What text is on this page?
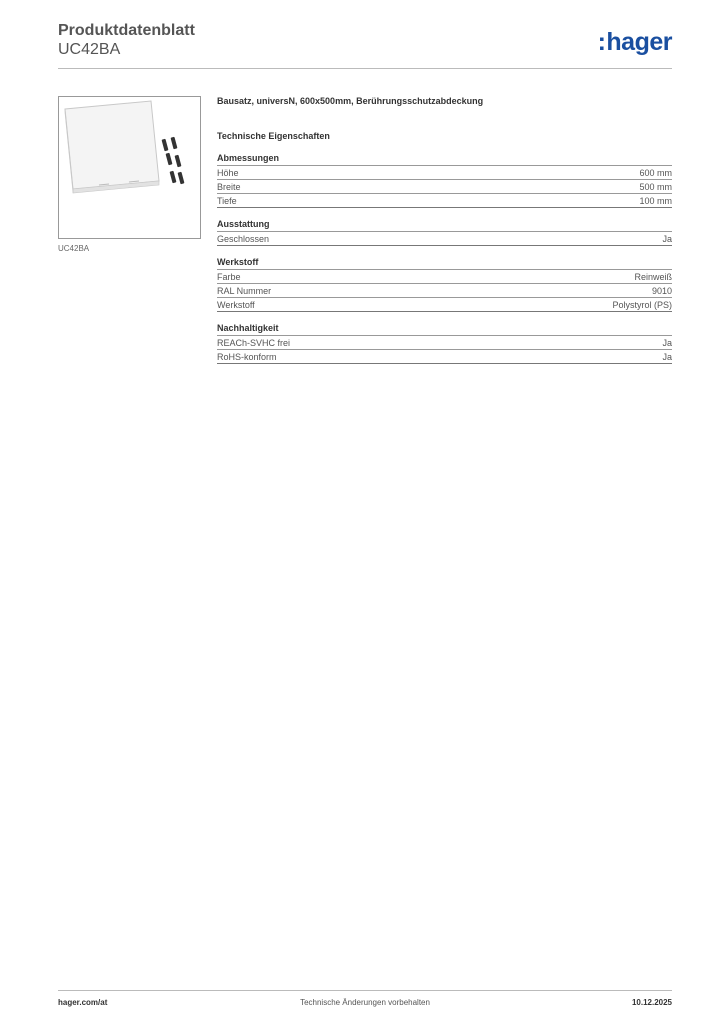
Produktdatenblatt
UC42BA	:hager
UC42BA
Bausatz, universN, 600x500mm, Berührungsschutzabdeckung
Technische Eigenschaften
Abmessungen
Höhe	600 mm
Breite	500 mm
Tiefe	100 mm
Ausstattung
Geschlossen	Ja
Werkstoff
Farbe	Reinweiß
RAL Nummer	9010
Werkstoff	Polystyrol (PS)
Nachhaltigkeit
REACh-SVHC frei	Ja
RoHS-konform	Ja
hager.com/at	Technische Änderungen vorbehalten	10.12.2025
